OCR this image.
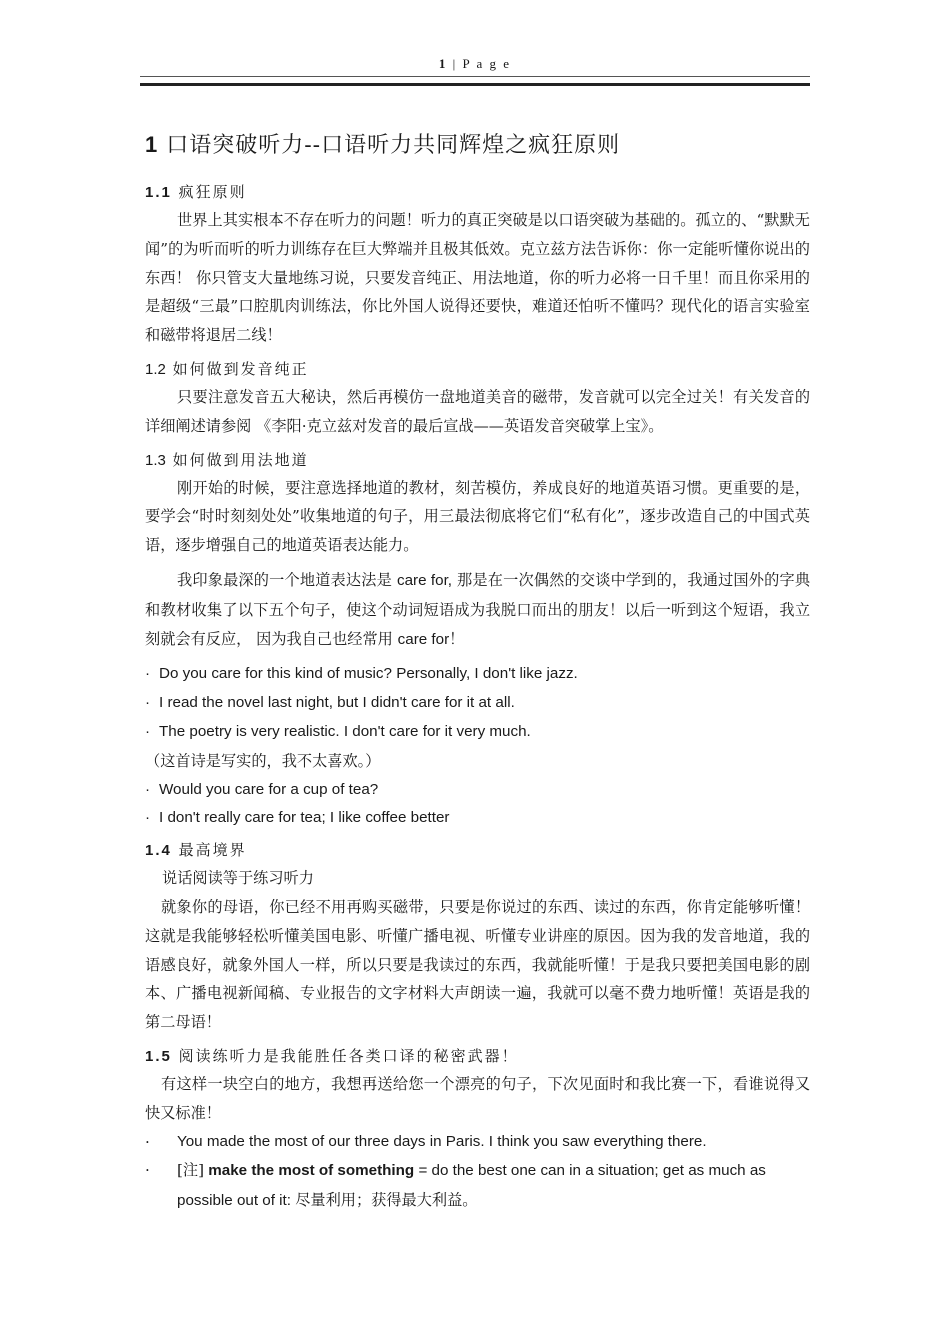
1 | P a g e
1 口语突破听力--口语听力共同辉煌之疯狂原则
1.1 疯狂原则

世界上其实根本不存在听力的问题！听力的真正突破是以口语突破为基础的。孤立的、“默默无闻”的为听而听的听力训练存在巨大弊端并且极其低效。克立兹方法告诉你：你一定能听懂你说出的东西！ 你只管支大量地练习说，只要发音纯正、用法地道，你的听力必将一日千里！而且你采用的是超级“三最”口腔肌肉训练法，你比外国人说得还要快，难道还怕听不懂吗？现代化的语言实验室和磁带将退居二线！

1.2 如何做到发音纯正

只要注意发音五大秘诀，然后再模仿一盘地道美音的磁带，发音就可以完全过关！有关发音的详细阐述请参阅 《李阳·克立兹对发音的最后宣战——英语发音突破掌上宝》。

1.3 如何做到用法地道

刚开始的时候，要注意选择地道的教材，刻苦模仿，养成良好的地道英语习惯。更重要的是，要学会“时时刻刻处处”收集地道的句子，用三最法彻底将它们“私有化”，逐步改造自己的中国式英语，逐步增强自己的地道英语表达能力。

我印象最深的一个地道表达法是 care for, 那是在一次偶然的交谈中学到的，我通过国外的字典和教材收集了以下五个句子，使这个动词短语成为我脱口而出的朋友！以后一听到这个短语，我立刻就会有反应， 因为我自己也经常用 care for！

· Do you care for this kind of music? Personally, I don't like jazz.
· I read the novel last night, but I didn't care for it at all.
· The poetry is very realistic. I don't care for it very much.
（这首诗是写实的，我不太喜欢。）
· Would you care for a cup of tea?
· I don't really care for tea; I like coffee better
1.4 最高境界

说话阅读等于练习听力

就象你的母语，你已经不用再购买磁带，只要是你说过的东西、读过的东西，你肯定能够听懂！这就是我能够轻松听懂美国电影、听懂广播电视、听懂专业讲座的原因。因为我的发音地道，我的语感良好，就象外国人一样，所以只要是我读过的东西，我就能听懂！于是我只要把美国电影的剧本、广播电视新闻稿、专业报告的文字材料大声朗读一遍，我就可以毫不费力地听懂！英语是我的第二母语！

1.5 阅读练听力是我能胜任各类口译的秘密武器！

有这样一块空白的地方，我想再送给您一个漂亮的句子，下次见面时和我比赛一下，看谁说得又快又标准！

·	You made the most of our three days in Paris. I think you saw everything there.
·	[注] make the most of something = do the best one can in a situation; get as much as possible out of it: 尽量利用；获得最大利益。
